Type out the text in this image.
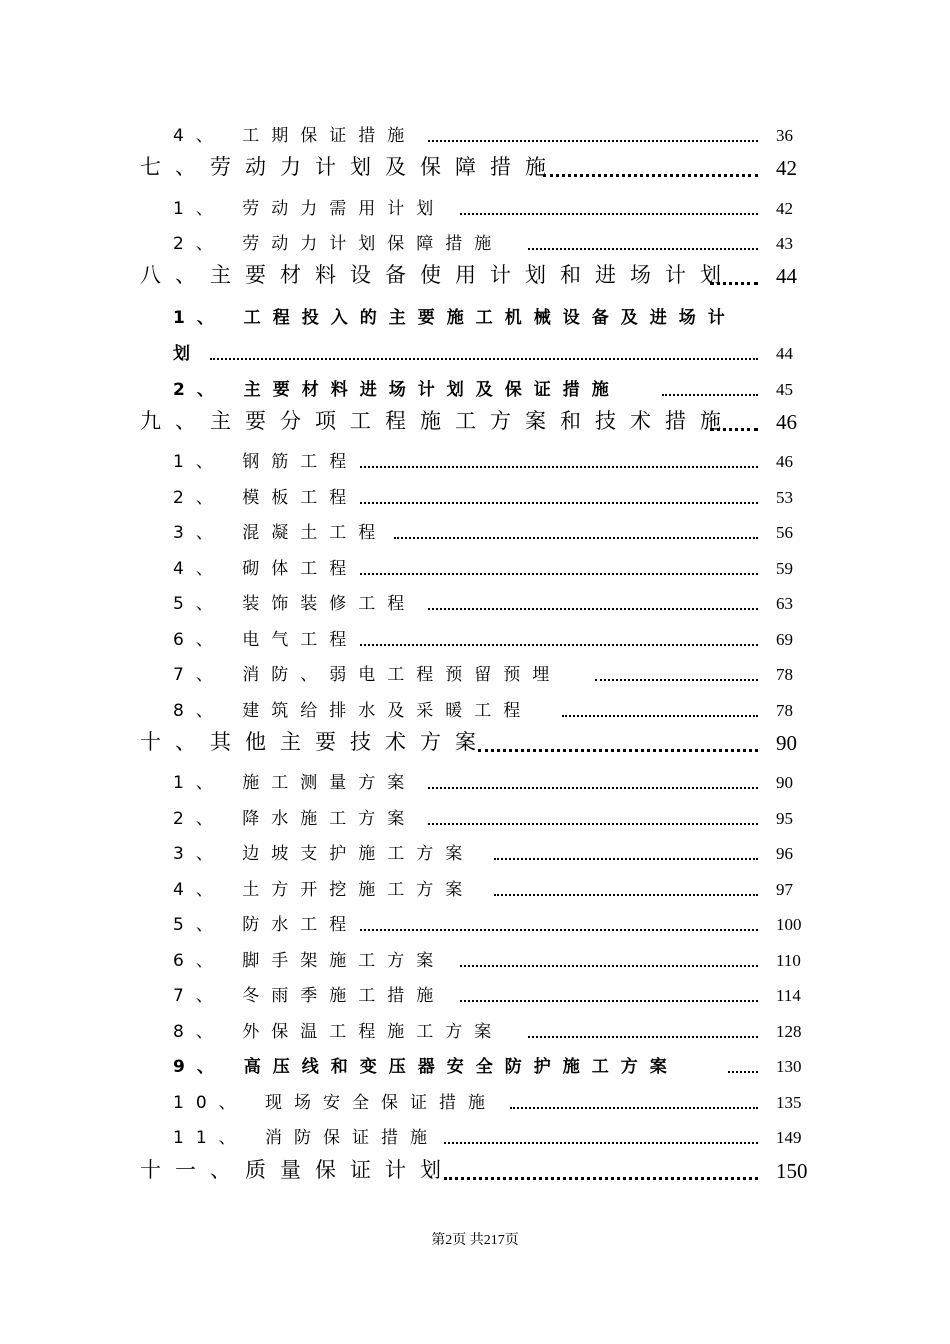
4、 工期保证措施	36
七、劳动力计划及保障措施	42
1、 劳动力需用计划	42
2、 劳动力计划保障措施	43
八、主要材料设备使用计划和进场计划 44
1、 工程投入的主要施工机械设备及进场计
划	44
2、 主要材料进场计划及保证措施	45
九、主要分项工程施工方案和技术措施 46
1、 钢筋工程	46
2、 模板工程	53
3、 混凝土工程	56
4、 砌体工程	59
5、 装饰装修工程	63
6、 电气工程	69
7、 消防、弱电工程预留预埋	78
8、 建筑给排水及采暖工程	78
十、其他主要技术方案	90
1、 施工测量方案	90
2、 降水施工方案	95
3、 边坡支护施工方案	96
4、 土方开挖施工方案	97
5、 防水工程	100
6、 脚手架施工方案	110
7、 冬雨季施工措施	114
8、 外保温工程施工方案	128
9、 高压线和变压器安全防护施工方案	130
10、 现场安全保证措施	135
11、 消防保证措施	149
十一、质量保证计划	150
第2页 共217页
